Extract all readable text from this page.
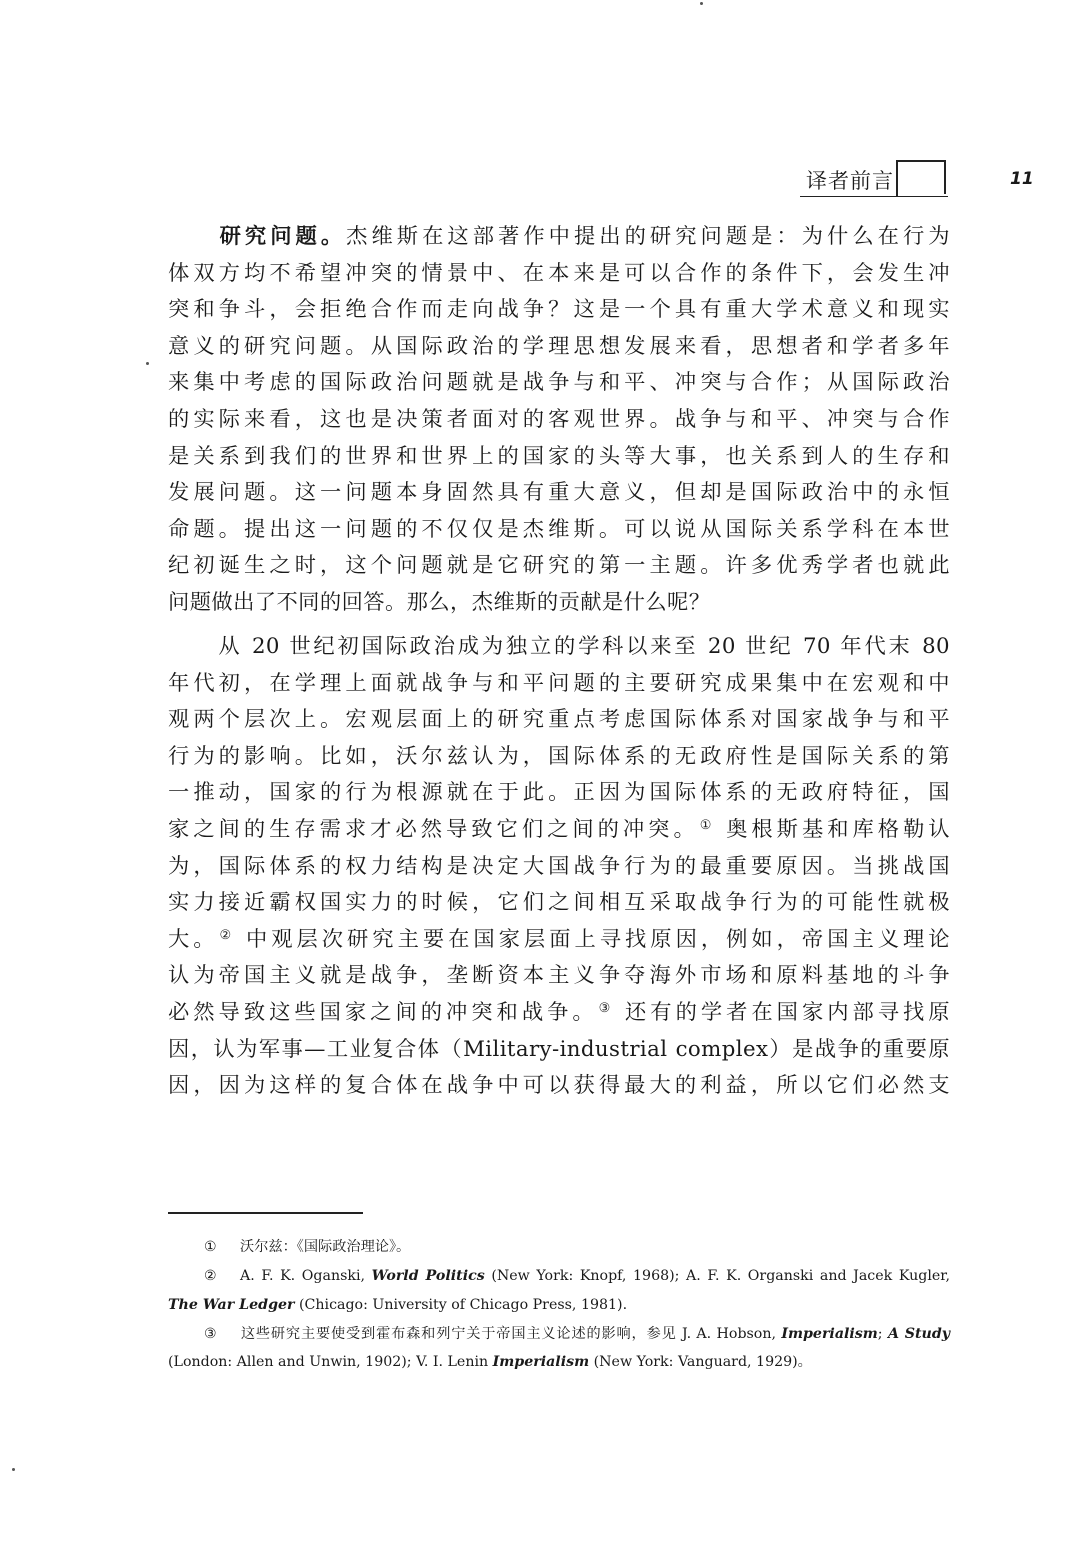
译者前言	11
研究问题。杰维斯在这部著作中提出的研究问题是：为什么在行为
体双方均不希望冲突的情景中、在本来是可以合作的条件下，会发生冲
突和争斗，会拒绝合作而走向战争？这是一个具有重大学术意义和现实
意义的研究问题。从国际政治的学理思想发展来看，思想者和学者多年
来集中考虑的国际政治问题就是战争与和平、冲突与合作；从国际政治
的实际来看，这也是决策者面对的客观世界。战争与和平、冲突与合作
是关系到我们的世界和世界上的国家的头等大事，也关系到人的生存和
发展问题。这一问题本身固然具有重大意义，但却是国际政治中的永恒
命题。提出这一问题的不仅仅是杰维斯。可以说从国际关系学科在本世
纪初诞生之时，这个问题就是它研究的第一主题。许多优秀学者也就此
问题做出了不同的回答。那么，杰维斯的贡献是什么呢？
从 20 世纪初国际政治成为独立的学科以来至 20 世纪 70 年代末 80
年代初，在学理上面就战争与和平问题的主要研究成果集中在宏观和中
观两个层次上。宏观层面上的研究重点考虑国际体系对国家战争与和平
行为的影响。比如，沃尔兹认为，国际体系的无政府性是国际关系的第
一推动，国家的行为根源就在于此。正因为国际体系的无政府特征，国
家之间的生存需求才必然导致它们之间的冲突。① 奥根斯基和库格勒认
为，国际体系的权力结构是决定大国战争行为的最重要原因。当挑战国
实力接近霸权国实力的时候，它们之间相互采取战争行为的可能性就极
大。② 中观层次研究主要在国家层面上寻找原因，例如，帝国主义理论
认为帝国主义就是战争，垄断资本主义争夺海外市场和原料基地的斗争
必然导致这些国家之间的冲突和战争。③ 还有的学者在国家内部寻找原
因，认为军事—工业复合体（Military-industrial complex）是战争的重要原
因，因为这样的复合体在战争中可以获得最大的利益，所以它们必然支

① 沃尔兹：《国际政治理论》。

② A. F. K. Oganski, World Politics (New York: Knopf, 1968); A. F. K. Organski and Jacek Kugler, The War Ledger (Chicago: University of Chicago Press, 1981).

③ 这些研究主要使受到霍布森和列宁关于帝国主义论述的影响，参见 J. A. Hobson, Imperialism; A Study (London: Allen and Unwin, 1902); V. I. Lenin Imperialism (New York: Vanguard, 1929)。
